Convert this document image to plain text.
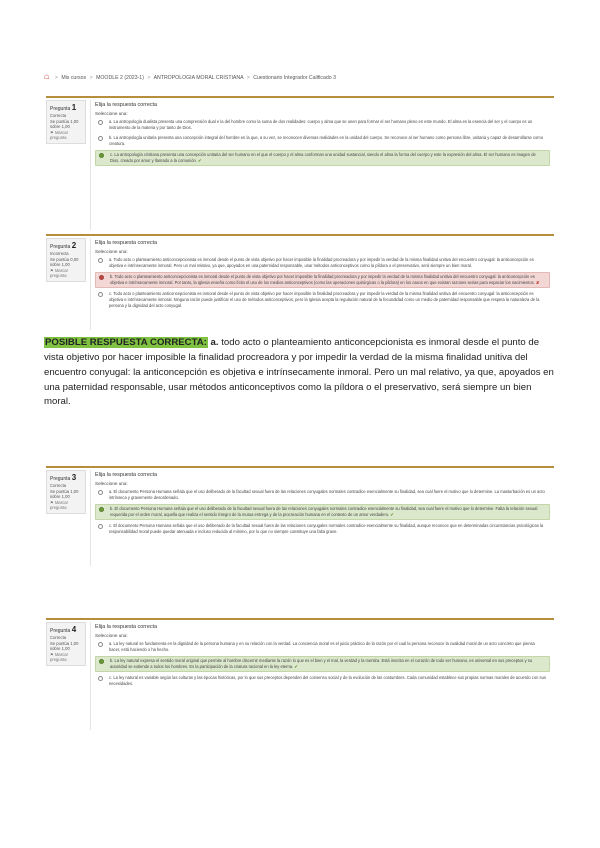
☖ > Mis cursos > MOODLE 2 (2023-1) > ANTROPOLOGIA MORAL CRISTIANA > Cuestionario Integrador Calificado 3
Pregunta 1
Correcta
Se puntúa 1,00 sobre 1,00
⚑ Marcar pregunta
Elija la respuesta correcta
Seleccione una:
a. La antropología dualista presenta una comprensión dual e la del hombre como la suma de dos realidades: cuerpo y alma que se unen para formar el ser humano pleno en este mundo. El alma es la esencia del ser y el cuerpo es un instrumento de la materia y por tanto de Dios.
b. La antropología unitaria presenta una concepción integral del hombre en la que, a su vez, se reconocen diversas realidades en la unidad del cuerpo. Se reconoce al ser humano como persona libre, unitaria y capaz de desarrollarse como creatura.
c. La antropología cristiana presenta una concepción unitaria del ser humano en el que el cuerpo y el alma conforman una unidad sustancial, siendo el alma la forma del cuerpo y este la expresión del alma. El ser humano es imagen de Dios, creado por amor y llamado a la comunión. ✔
Pregunta 2
Incorrecta
Se puntúa 0,00 sobre 1,00
⚑ Marcar pregunta
Elija la respuesta correcta
Seleccione una:
a. Todo acto o planteamiento anticoncepcionista es inmoral desde el punto de vista objetivo por hacer imposible la finalidad procreadora y por impedir la verdad de la misma finalidad unitiva del encuentro conyugal: la anticoncepción es objetiva e intrínsecamente inmoral. Pero un mal relativo, ya que, apoyados en una paternidad responsable, usar métodos anticonceptivos como la píldora o el preservativo, será siempre un bien moral.
b. Todo acto o planteamiento anticoncepcionista es inmoral desde el punto de vista objetivo por hacer imposible la finalidad procreadora y por impedir la verdad de la misma finalidad unitiva del encuentro conyugal: la anticoncepción es objetiva e intrínsecamente inmoral. Por tanto, la Iglesia enseña como lícito el uso de los medios anticonceptivos (como las operaciones quirúrgicas o la píldora) en los casos en que existan razones serias para espaciar los nacimientos. ✘
c. Todo acto o planteamiento anticoncepcionista es inmoral desde el punto de vista objetivo por hacer imposible la finalidad procreadora y por impedir la verdad de la misma finalidad unitiva del encuentro conyugal: la anticoncepción es objetiva e intrínsecamente inmoral. Ninguna razón puede justificar el uso de métodos anticonceptivos, pero la Iglesia acepta la regulación natural de la fecundidad como un medio de paternidad responsable que respeta la naturaleza de la persona y la dignidad del acto conyugal.
POSIBLE RESPUESTA CORRECTA: a. todo acto o planteamiento anticoncepcionista es inmoral desde el punto de vista objetivo por hacer imposible la finalidad procreadora y por impedir la verdad de la misma finalidad unitiva del encuentro conyugal: la anticoncepción es objetiva e intrínsecamente inmoral. Pero un mal relativo, ya que, apoyados en una paternidad responsable, usar métodos anticonceptivos como la píldora o el preservativo, será siempre un bien moral.
Pregunta 3
Correcta
Se puntúa 1,00 sobre 1,00
⚑ Marcar pregunta
Elija la respuesta correcta
Seleccione una:
a. El documento Persona Humana señala que el uso deliberado de la facultad sexual fuera de las relaciones conyugales normales contradice esencialmente su finalidad, sea cual fuere el motivo que lo determine. La masturbación es un acto intrínseca y gravemente desordenado.
b. El documento Persona Humana señala que el uso deliberado de la facultad sexual fuera de las relaciones conyugales normales contradice esencialmente su finalidad, sea cual fuere el motivo que lo determine. Falta la relación sexual requerida por el orden moral, aquella que realiza el sentido íntegro de la mutua entrega y de la procreación humana en el contexto de un amor verdadero. ✔
c. El documento Persona Humana señala que el uso deliberado de la facultad sexual fuera de las relaciones conyugales normales contradice esencialmente su finalidad, aunque reconoce que en determinadas circunstancias psicológicas la responsabilidad moral puede quedar atenuada e incluso reducida al mínimo, por lo que no siempre constituye una falta grave.
Pregunta 4
Correcta
Se puntúa 1,00 sobre 1,00
⚑ Marcar pregunta
Elija la respuesta correcta
Seleccione una:
a. La ley natural se fundamenta en la dignidad de la persona humana y en su relación con la verdad. La conciencia moral es el juicio práctico de la razón por el cual la persona reconoce la cualidad moral de un acto concreto que piensa hacer, está haciendo o ha hecho.
b. La ley natural expresa el sentido moral original que permite al hombre discernir mediante la razón lo que es el bien y el mal, la verdad y la mentira. Está inscrita en el corazón de todo ser humano, es universal en sus preceptos y su autoridad se extiende a todos los hombres. Es la participación de la criatura racional en la ley eterna. ✔
c. La ley natural es variable según las culturas y las épocas históricas, por lo que sus preceptos dependen del consenso social y de la evolución de las costumbres. Cada comunidad establece sus propias normas morales de acuerdo con sus necesidades.
